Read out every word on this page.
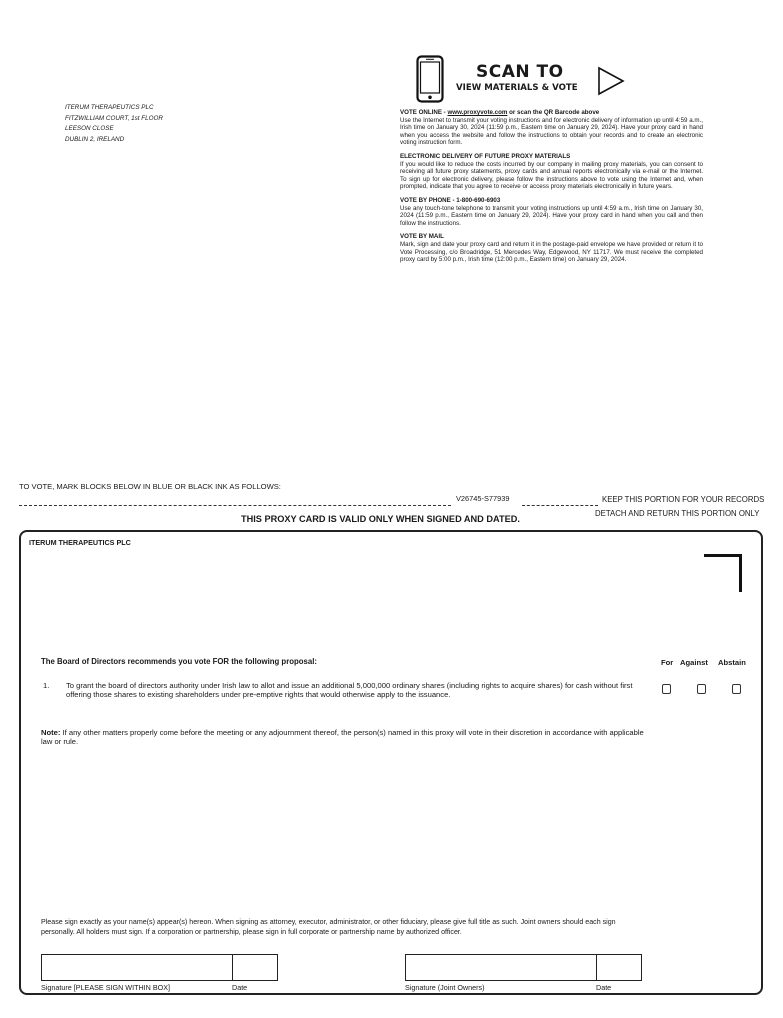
ITERUM THERAPEUTICS PLC
FITZWILLIAM COURT, 1st FLOOR
LEESON CLOSE
DUBLIN 2, IRELAND
SCAN TO
VIEW MATERIALS & VOTE
VOTE ONLINE - www.proxyvote.com or scan the QR Barcode above
Use the Internet to transmit your voting instructions and for electronic delivery of information up until 4:59 a.m., Irish time on January 30, 2024 (11:59 p.m., Eastern time on January 29, 2024). Have your proxy card in hand when you access the website and follow the instructions to obtain your records and to create an electronic voting instruction form.
ELECTRONIC DELIVERY OF FUTURE PROXY MATERIALS
If you would like to reduce the costs incurred by our company in mailing proxy materials, you can consent to receiving all future proxy statements, proxy cards and annual reports electronically via e-mail or the Internet. To sign up for electronic delivery, please follow the instructions above to vote using the Internet and, when prompted, indicate that you agree to receive or access proxy materials electronically in future years.
VOTE BY PHONE - 1-800-690-6903
Use any touch-tone telephone to transmit your voting instructions up until 4:59 a.m., Irish time on January 30, 2024 (11:59 p.m., Eastern time on January 29, 2024). Have your proxy card in hand when you call and then follow the instructions.
VOTE BY MAIL
Mark, sign and date your proxy card and return it in the postage-paid envelope we have provided or return it to Vote Processing, c/o Broadridge, 51 Mercedes Way, Edgewood, NY 11717. We must receive the completed proxy card by 5:00 p.m., Irish time (12:00 p.m., Eastern time) on January 29, 2024.
TO VOTE, MARK BLOCKS BELOW IN BLUE OR BLACK INK AS FOLLOWS:
V26745-S77939	KEEP THIS PORTION FOR YOUR RECORDS
THIS PROXY CARD IS VALID ONLY WHEN SIGNED AND DATED.
DETACH AND RETURN THIS PORTION ONLY
ITERUM THERAPEUTICS PLC
The Board of Directors recommends you vote FOR the following proposal:	For Against Abstain
1. To grant the board of directors authority under Irish law to allot and issue an additional 5,000,000 ordinary shares (including rights to acquire shares) for cash without first offering those shares to existing shareholders under pre-emptive rights that would otherwise apply to the issuance.
Note: If any other matters properly come before the meeting or any adjournment thereof, the person(s) named in this proxy will vote in their discretion in accordance with applicable law or rule.
Please sign exactly as your name(s) appear(s) hereon. When signing as attorney, executor, administrator, or other fiduciary, please give full title as such. Joint owners should each sign personally. All holders must sign. If a corporation or partnership, please sign in full corporate or partnership name by authorized officer.
Signature [PLEASE SIGN WITHIN BOX]	Date	Signature (Joint Owners)	Date
